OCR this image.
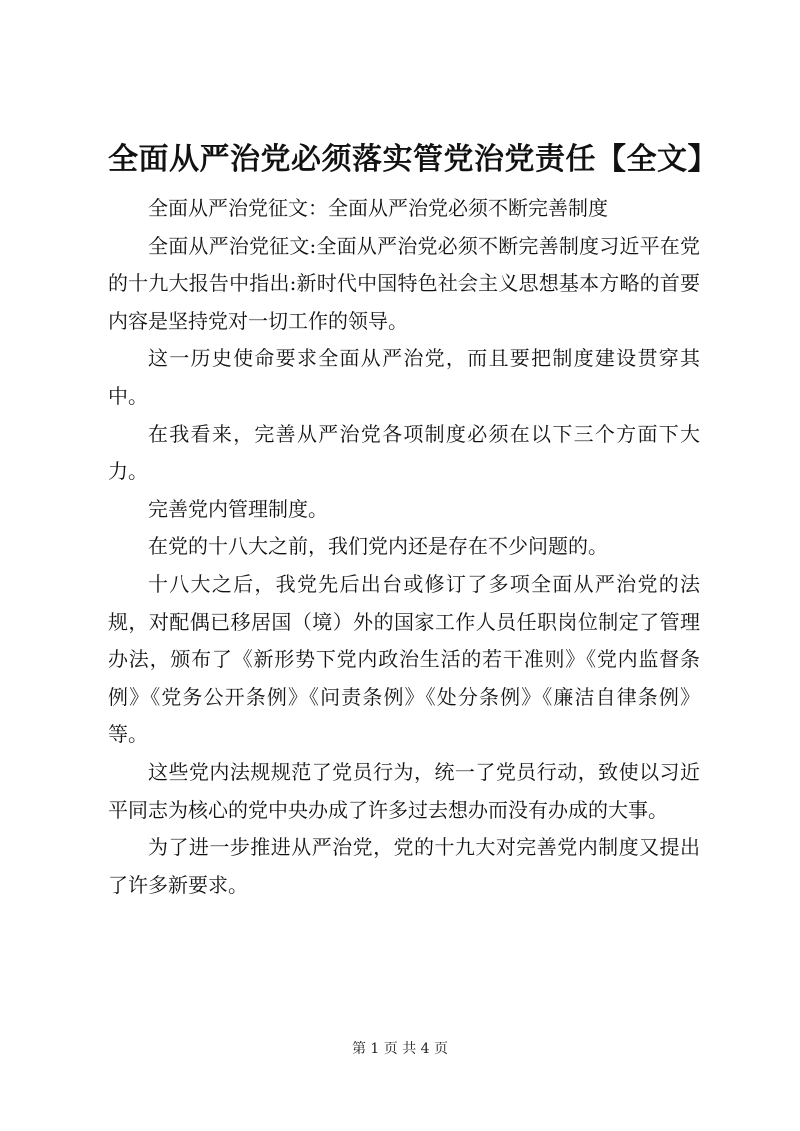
全面从严治党必须落实管党治党责任【全文】

全面从严治党征文：全面从严治党必须不断完善制度

全面从严治党征文:全面从严治党必须不断完善制度习近平在党的十九大报告中指出:新时代中国特色社会主义思想基本方略的首要内容是坚持党对一切工作的领导。

这一历史使命要求全面从严治党，而且要把制度建设贯穿其中。

在我看来，完善从严治党各项制度必须在以下三个方面下大力。

完善党内管理制度。

在党的十八大之前，我们党内还是存在不少问题的。

十八大之后，我党先后出台或修订了多项全面从严治党的法规，对配偶已移居国（境）外的国家工作人员任职岗位制定了管理办法，颁布了《新形势下党内政治生活的若干准则》《党内监督条例》《党务公开条例》《问责条例》《处分条例》《廉洁自律条例》等。

这些党内法规规范了党员行为，统一了党员行动，致使以习近平同志为核心的党中央办成了许多过去想办而没有办成的大事。

为了进一步推进从严治党，党的十九大对完善党内制度又提出了许多新要求。

第 1 页 共 4 页
